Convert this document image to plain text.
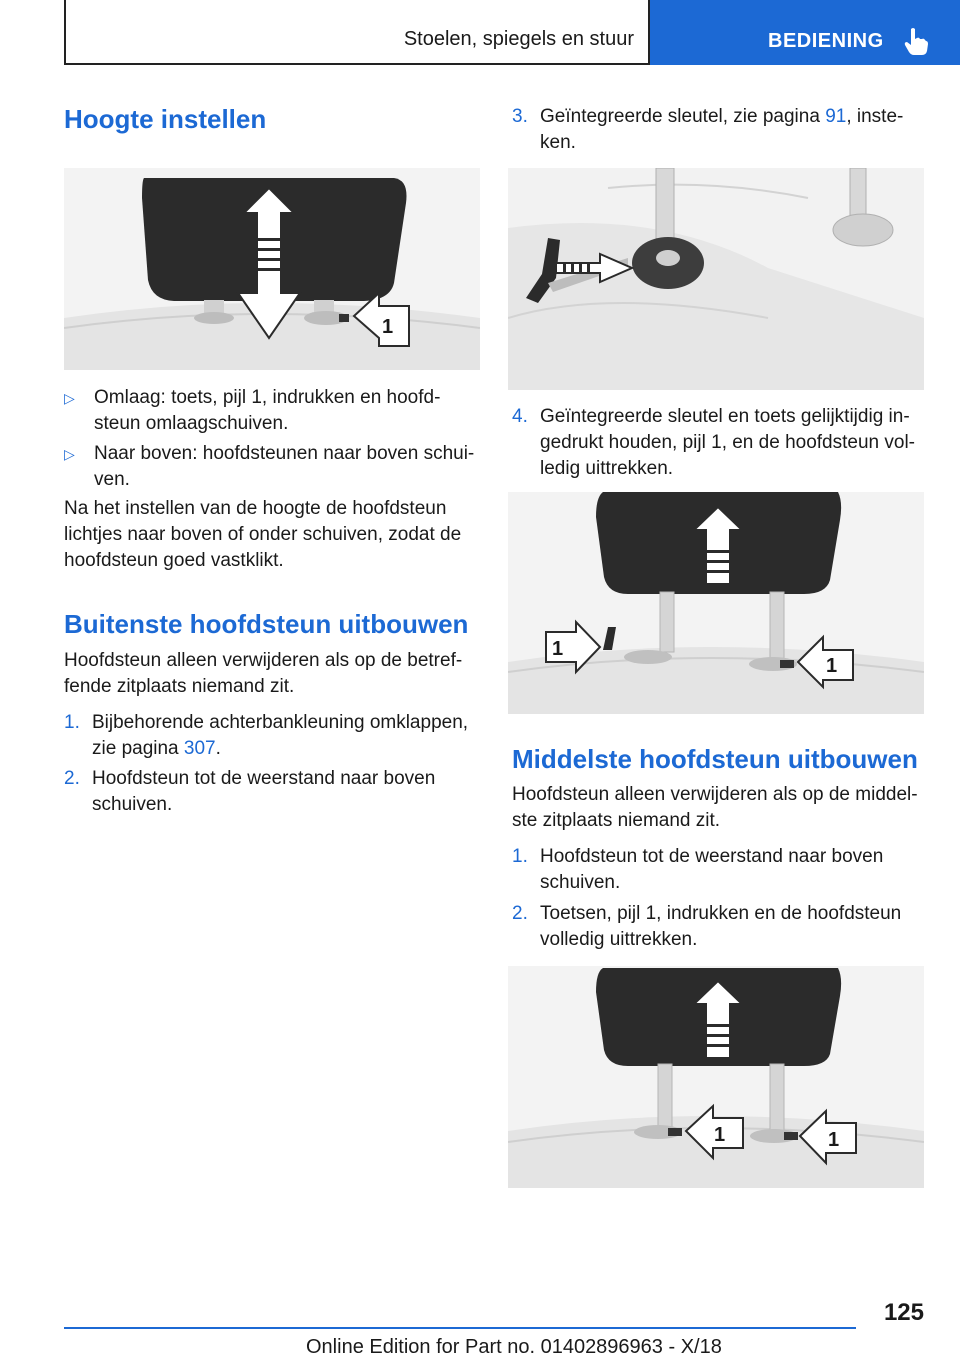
Stoelen, spiegels en stuur	BEDIENING
Hoogte instellen
1
▷ Omlaag: toets, pijl 1, indrukken en hoofd-
steun omlaagschuiven.
▷ Naar boven: hoofdsteunen naar boven schui-
ven.
Na het instellen van de hoogte de hoofdsteun
lichtjes naar boven of onder schuiven, zodat de
hoofdsteun goed vastklikt.
Buitenste hoofdsteun uitbouwen
Hoofdsteun alleen verwijderen als op de betref-
fende zitplaats niemand zit.
1. Bijbehorende achterbankleuning omklappen,
zie pagina 307.
2. Hoofdsteun tot de weerstand naar boven
schuiven.
3. Geïntegreerde sleutel, zie pagina 91, inste-
ken.
4. Geïntegreerde sleutel en toets gelijktijdig in-
gedrukt houden, pijl 1, en de hoofdsteun vol-
ledig uittrekken.
1
1
Middelste hoofdsteun uitbouwen
Hoofdsteun alleen verwijderen als op de middel-
ste zitplaats niemand zit.
1. Hoofdsteun tot de weerstand naar boven
schuiven.
2. Toetsen, pijl 1, indrukken en de hoofdsteun
volledig uittrekken.
1	1
125
Online Edition for Part no. 01402896963 - X/18
